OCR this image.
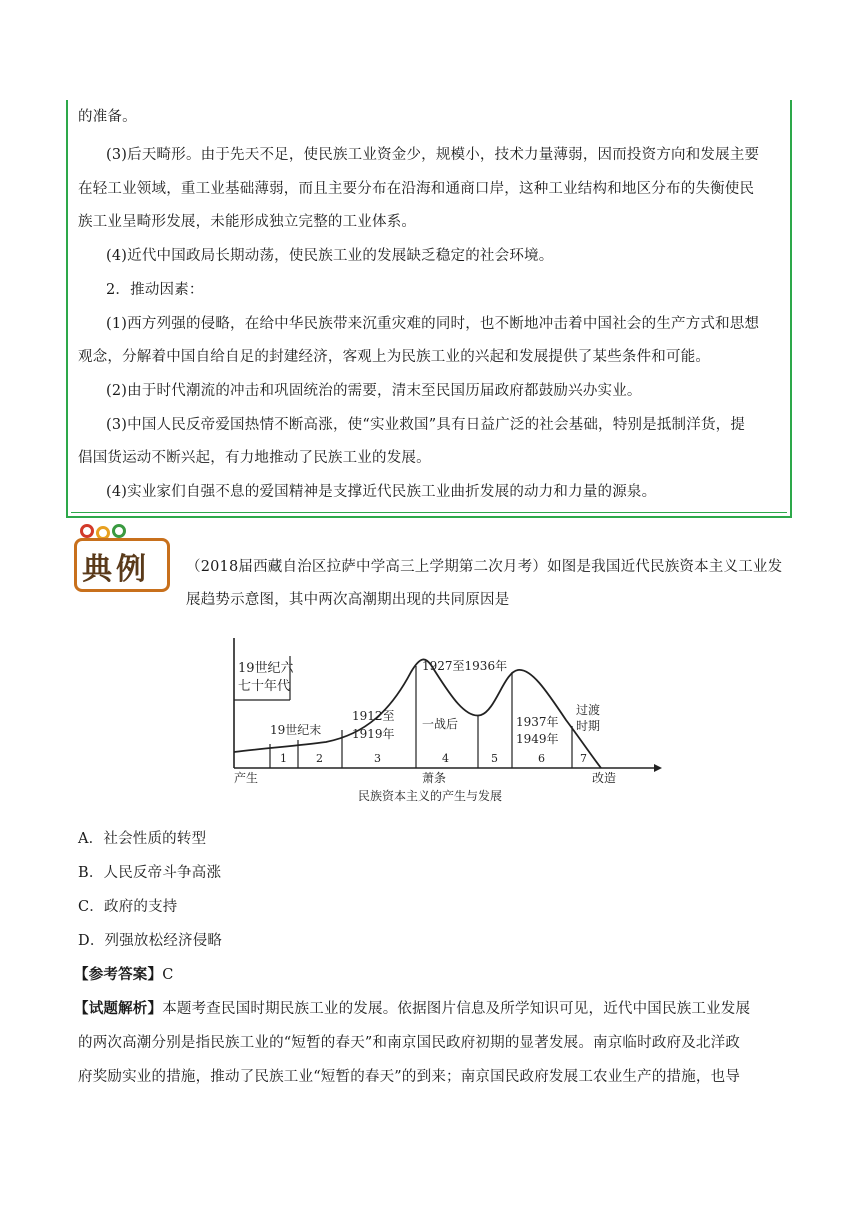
的准备。
(3)后天畸形。由于先天不足，使民族工业资金少，规模小，技术力量薄弱，因而投资方向和发展主要
在轻工业领域，重工业基础薄弱，而且主要分布在沿海和通商口岸，这种工业结构和地区分布的失衡使民
族工业呈畸形发展，未能形成独立完整的工业体系。
(4)近代中国政局长期动荡，使民族工业的发展缺乏稳定的社会环境。
2．推动因素：
(1)西方列强的侵略，在给中华民族带来沉重灾难的同时，也不断地冲击着中国社会的生产方式和思想
观念，分解着中国自给自足的封建经济，客观上为民族工业的兴起和发展提供了某些条件和可能。
(2)由于时代潮流的冲击和巩固统治的需要，清末至民国历届政府都鼓励兴办实业。
(3)中国人民反帝爱国热情不断高涨，使“实业救国”具有日益广泛的社会基础，特别是抵制洋货，提
倡国货运动不断兴起，有力地推动了民族工业的发展。
(4)实业家们自强不息的爱国精神是支撑近代民族工业曲折发展的动力和力量的源泉。
典例 （2018届西藏自治区拉萨中学高三上学期第二次月考）如图是我国近代民族资本主义工业发
展趋势示意图，其中两次高潮期出现的共同原因是
19世纪六
七十年代
19世纪末
1912至
1919年
一战后
1927至1936年
1937年
1949年
过渡
时期
1	2	3	4	5	6	7
产生	萧条	改造
民族资本主义的产生与发展
A．社会性质的转型
B．人民反帝斗争高涨
C．政府的支持
D．列强放松经济侵略
【参考答案】C
【试题解析】本题考查民国时期民族工业的发展。依据图片信息及所学知识可见，近代中国民族工业发展
的两次高潮分别是指民族工业的“短暂的春天”和南京国民政府初期的显著发展。南京临时政府及北洋政
府奖励实业的措施，推动了民族工业“短暂的春天”的到来；南京国民政府发展工农业生产的措施，也导
